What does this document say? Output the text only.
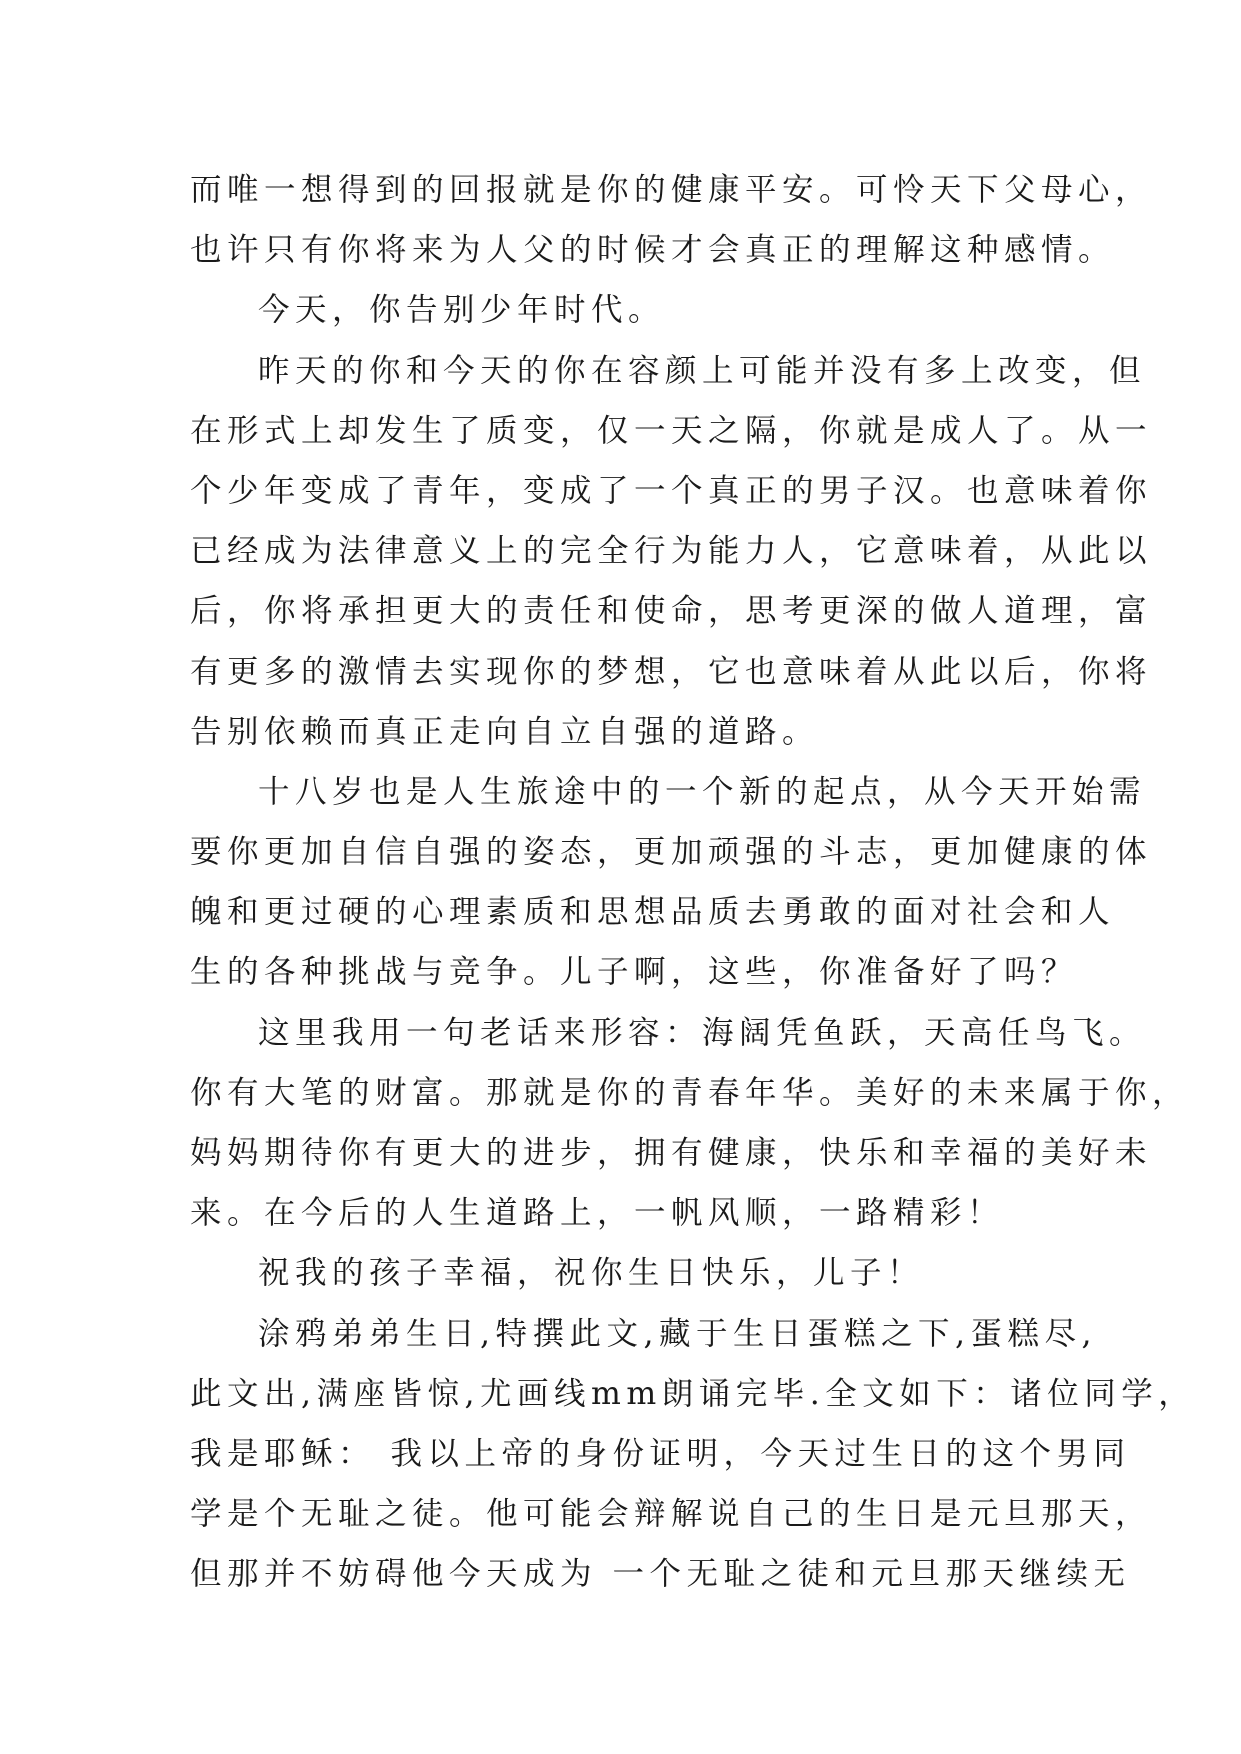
而唯一想得到的回报就是你的健康平安。可怜天下父母心，
也许只有你将来为人父的时候才会真正的理解这种感情。
今天，你告别少年时代。
昨天的你和今天的你在容颜上可能并没有多上改变，但
在形式上却发生了质变，仅一天之隔，你就是成人了。从一
个少年变成了青年，变成了一个真正的男子汉。也意味着你
已经成为法律意义上的完全行为能力人，它意味着，从此以
后，你将承担更大的责任和使命，思考更深的做人道理，富
有更多的激情去实现你的梦想，它也意味着从此以后，你将
告别依赖而真正走向自立自强的道路。
十八岁也是人生旅途中的一个新的起点，从今天开始需
要你更加自信自强的姿态，更加顽强的斗志，更加健康的体
魄和更过硬的心理素质和思想品质去勇敢的面对社会和人
生的各种挑战与竞争。儿子啊，这些，你准备好了吗？
这里我用一句老话来形容：海阔凭鱼跃，天高任鸟飞。
你有大笔的财富。那就是你的青春年华。美好的未来属于你，
妈妈期待你有更大的进步，拥有健康，快乐和幸福的美好未
来。在今后的人生道路上，一帆风顺，一路精彩！
祝我的孩子幸福，祝你生日快乐，儿子！
涂鸦弟弟生日,特撰此文,藏于生日蛋糕之下,蛋糕尽,
此文出,满座皆惊,尤画线mm朗诵完毕.全文如下：诸位同学，
我是耶稣： 我以上帝的身份证明，今天过生日的这个男同
学是个无耻之徒。他可能会辩解说自己的生日是元旦那天，
但那并不妨碍他今天成为 一个无耻之徒和元旦那天继续无
